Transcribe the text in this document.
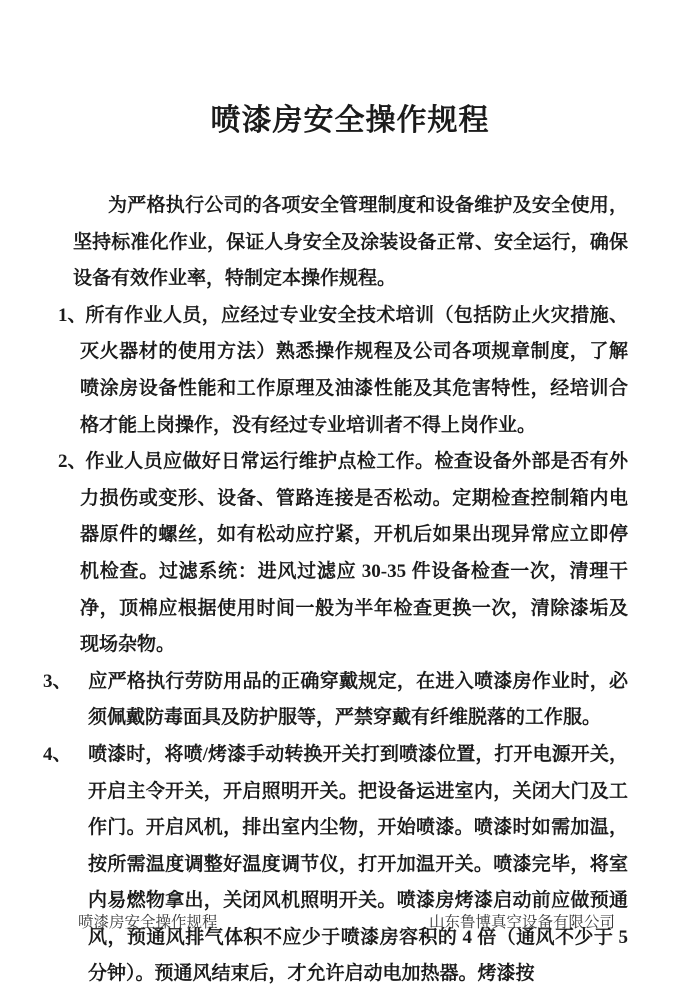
喷漆房安全操作规程

为严格执行公司的各项安全管理制度和设备维护及安全使用，坚持标准化作业，保证人身安全及涂装设备正常、安全运行，确保设备有效作业率，特制定本操作规程。

1、所有作业人员，应经过专业安全技术培训（包括防止火灾措施、灭火器材的使用方法）熟悉操作规程及公司各项规章制度，了解喷涂房设备性能和工作原理及油漆性能及其危害特性，经培训合格才能上岗操作，没有经过专业培训者不得上岗作业。

2、作业人员应做好日常运行维护点检工作。检查设备外部是否有外力损伤或变形、设备、管路连接是否松动。定期检查控制箱内电器原件的螺丝，如有松动应拧紧，开机后如果出现异常应立即停机检查。过滤系统：进风过滤应 30-35 件设备检查一次，清理干净，顶棉应根据使用时间一般为半年检查更换一次，清除漆垢及现场杂物。

3、 应严格执行劳防用品的正确穿戴规定，在进入喷漆房作业时，必须佩戴防毒面具及防护服等，严禁穿戴有纤维脱落的工作服。

4、 喷漆时，将喷/烤漆手动转换开关打到喷漆位置，打开电源开关，开启主令开关，开启照明开关。把设备运进室内，关闭大门及工作门。开启风机，排出室内尘物，开始喷漆。喷漆时如需加温，按所需温度调整好温度调节仪，打开加温开关。喷漆完毕，将室内易燃物拿出，关闭风机照明开关。喷漆房烤漆启动前应做预通风，预通风排气体积不应少于喷漆房容积的 4 倍（通风不少于 5 分钟）。预通风结束后，才允许启动电加热器。烤漆按

喷漆房安全操作规程	山东鲁博真空设备有限公司
